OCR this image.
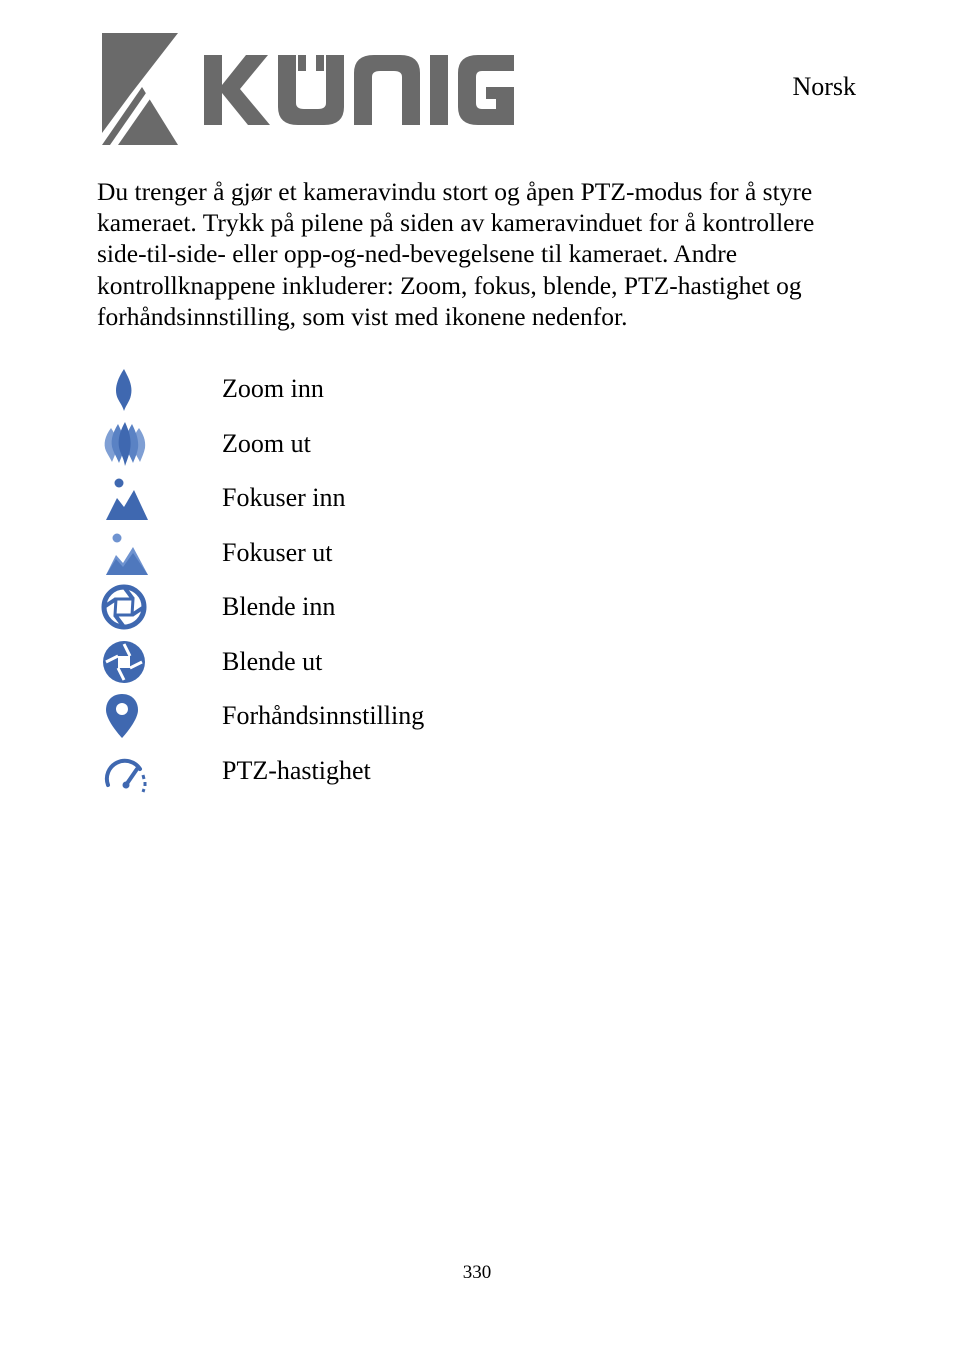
Norsk

Du trenger å gjør et kameravindu stort og åpen PTZ-modus for å styre kameraet. Trykk på pilene på siden av kameravinduet for å kontrollere side-til-side- eller opp-og-ned-bevegelsene til kameraet. Andre kontrollknappene inkluderer: Zoom, fokus, blende, PTZ-hastighet og forhåndsinnstilling, som vist med ikonene nedenfor.

Zoom inn
Zoom ut
Fokuser inn
Fokuser ut
Blende inn
Blende ut
Forhåndsinnstilling
PTZ-hastighet
330
